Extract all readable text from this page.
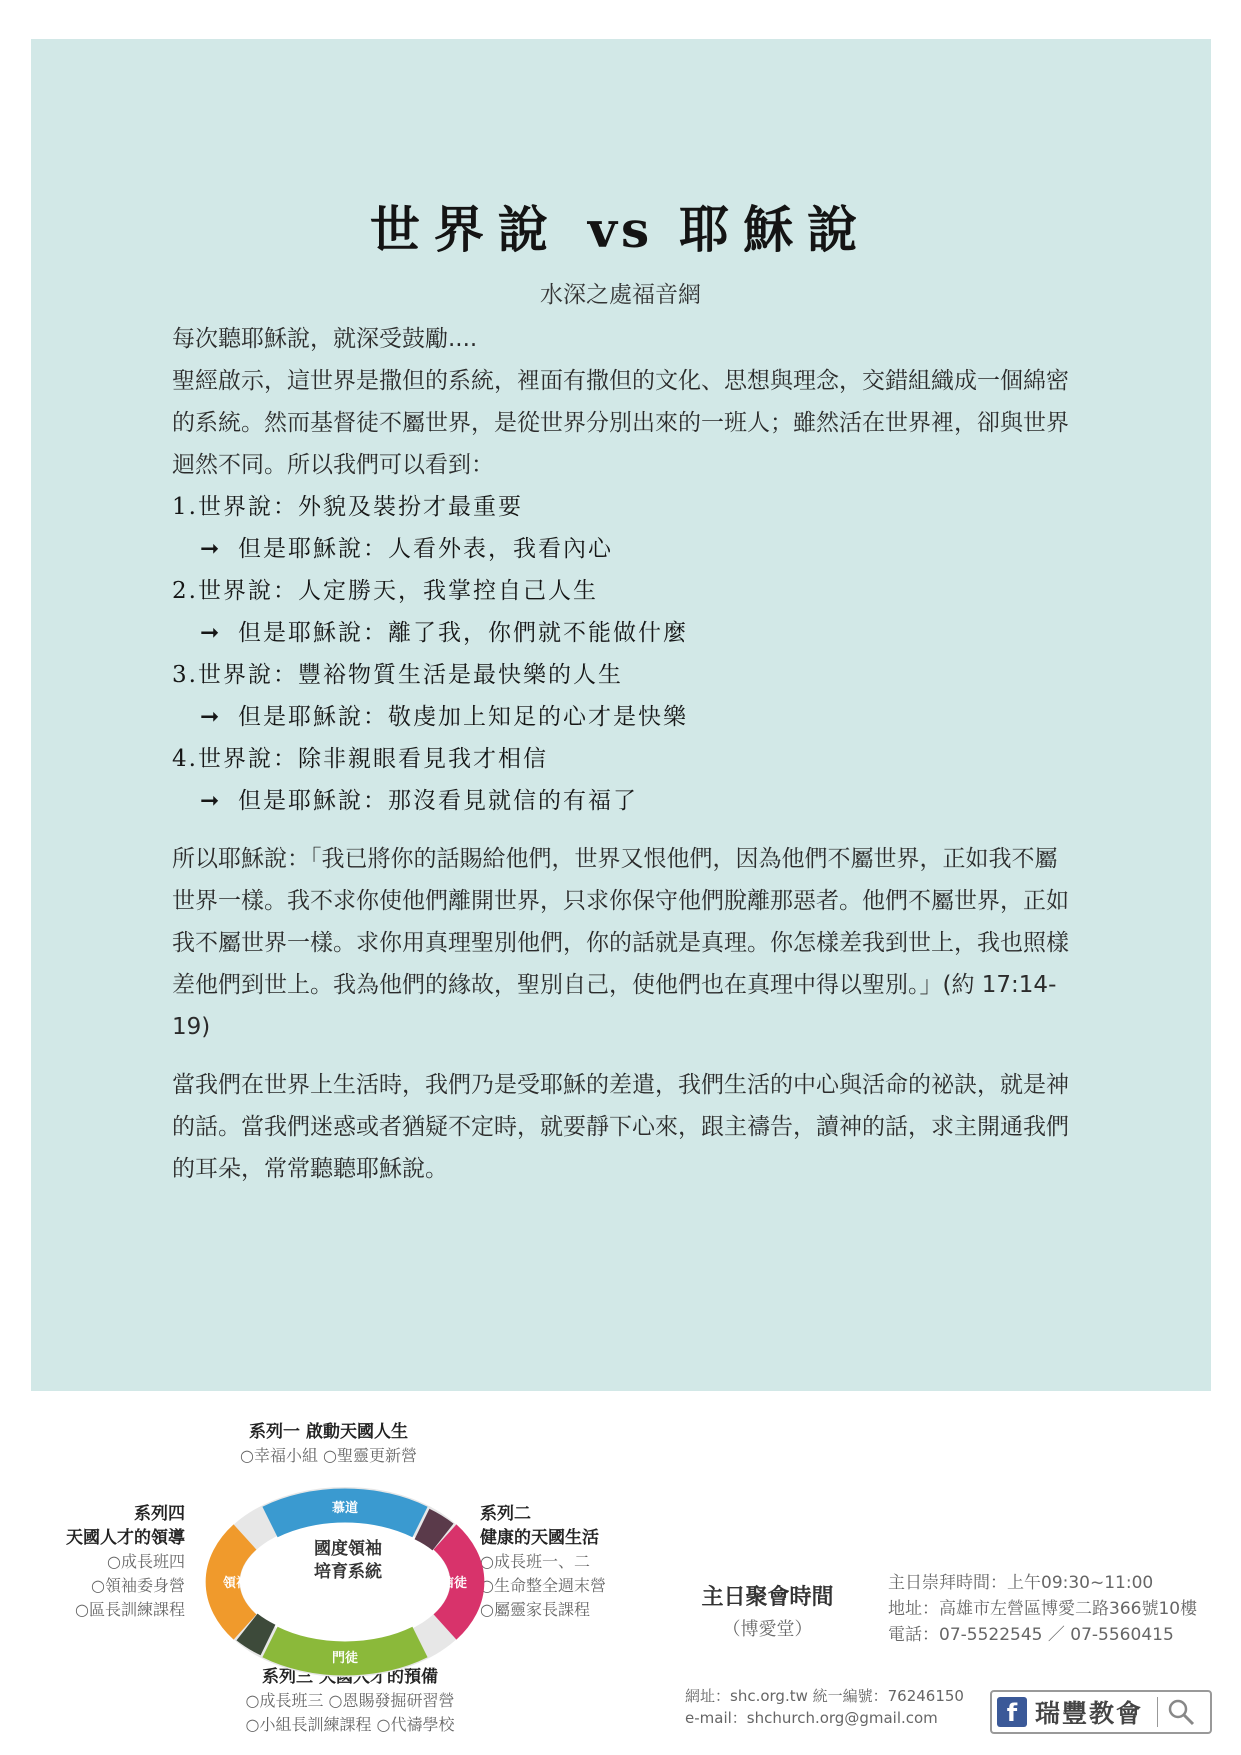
世界說 vs 耶穌說
水深之處福音網

每次聽耶穌說，就深受鼓勵....

聖經啟示，這世界是撒但的系統，裡面有撒但的文化、思想與理念，交錯組織成一個綿密的系統。然而基督徒不屬世界，是從世界分別出來的一班人；雖然活在世界裡，卻與世界迴然不同。所以我們可以看到：

1.世界說：外貌及裝扮才最重要

➞ 但是耶穌說：人看外表，我看內心

2.世界說：人定勝天，我掌控自己人生

➞ 但是耶穌說：離了我，你們就不能做什麼

3.世界說：豐裕物質生活是最快樂的人生

➞ 但是耶穌說：敬虔加上知足的心才是快樂

4.世界說：除非親眼看見我才相信

➞ 但是耶穌說：那沒看見就信的有福了

所以耶穌說：「我已將你的話賜給他們，世界又恨他們，因為他們不屬世界，正如我不屬世界一樣。我不求你使他們離開世界，只求你保守他們脫離那惡者。他們不屬世界，正如我不屬世界一樣。求你用真理聖別他們，你的話就是真理。你怎樣差我到世上，我也照樣差他們到世上。我為他們的緣故，聖別自己，使他們也在真理中得以聖別。」(約 17:14-19)

當我們在世界上生活時，我們乃是受耶穌的差遣，我們生活的中心與活命的祕訣，就是神的話。當我們迷惑或者猶疑不定時，就要靜下心來，跟主禱告，讀神的話，求主開通我們的耳朵，常常聽聽耶穌說。

系列一 啟動天國人生
○幸福小組 ○聖靈更新營
系列四
天國人才的領導
○成長班四
○領袖委身營
○區長訓練課程
系列二
健康的天國生活
○成長班一、二
○生命整全週末營
○屬靈家長課程
系列三 天國人才的預備
○成長班三 ○恩賜發掘研習營
○小組長訓練課程 ○代禱學校
慕道
信徒
門徒
領袖
國度領袖
培育系統
主日聚會時間
（博愛堂）
主日崇拜時間：上午09:30~11:00
地址：高雄市左營區博愛二路366號10樓
電話：07-5522545 ／ 07-5560415
網址：shc.org.tw 統一編號：76246150
e-mail：shchurch.org@gmail.com	f 瑞豐教會
